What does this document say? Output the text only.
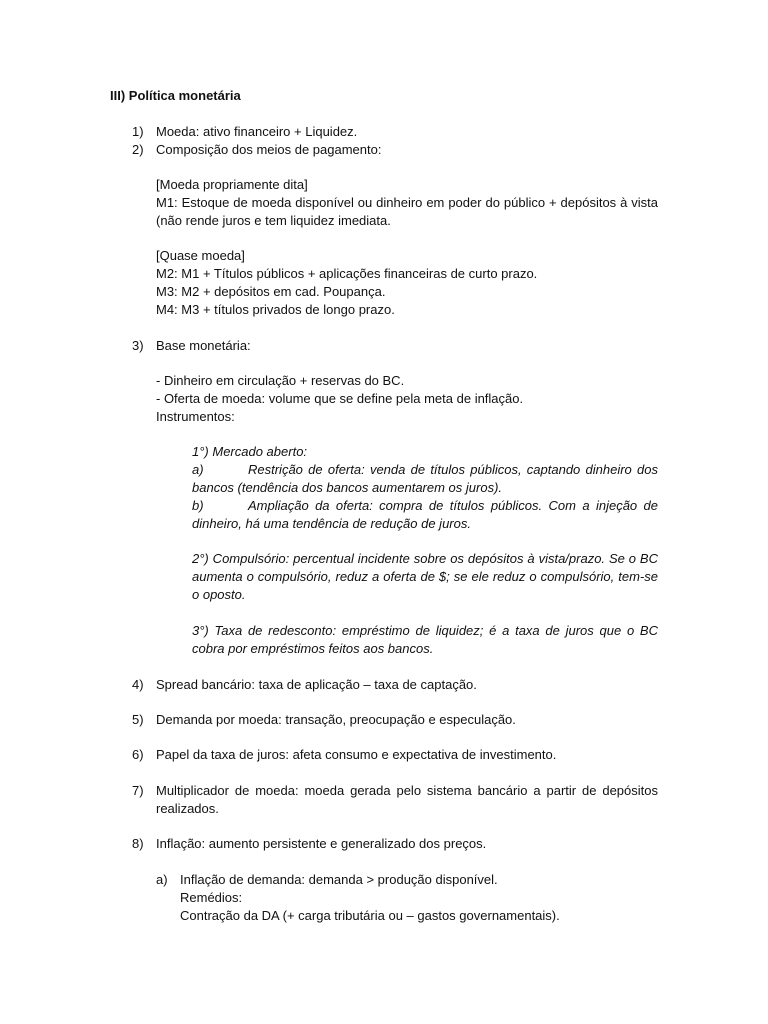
III) Política monetária
1) Moeda: ativo financeiro + Liquidez.
2) Composição dos meios de pagamento:
[Moeda propriamente dita]
M1: Estoque de moeda disponível ou dinheiro em poder do público + depósitos à vista (não rende juros e tem liquidez imediata.
[Quase moeda]
M2: M1 + Títulos públicos + aplicações financeiras de curto prazo.
M3: M2 + depósitos em cad. Poupança.
M4: M3 + títulos privados de longo prazo.
3) Base monetária:
- Dinheiro em circulação + reservas do BC.
- Oferta de moeda: volume que se define pela meta de inflação.
Instrumentos:
1°) Mercado aberto:
a)	Restrição de oferta: venda de títulos públicos, captando dinheiro dos bancos (tendência dos bancos aumentarem os juros).
b)	Ampliação da oferta: compra de títulos públicos. Com a injeção de dinheiro, há uma tendência de redução de juros.
2°) Compulsório: percentual incidente sobre os depósitos à vista/prazo. Se o BC aumenta o compulsório, reduz a oferta de $; se ele reduz o compulsório, tem-se o oposto.
3°) Taxa de redesconto: empréstimo de liquidez; é a taxa de juros que o BC cobra por empréstimos feitos aos bancos.
4) Spread bancário: taxa de aplicação – taxa de captação.
5) Demanda por moeda: transação, preocupação e especulação.
6) Papel da taxa de juros: afeta consumo e expectativa de investimento.
7) Multiplicador de moeda: moeda gerada pelo sistema bancário a partir de depósitos realizados.
8) Inflação: aumento persistente e generalizado dos preços.
a) Inflação de demanda: demanda > produção disponível.
Remédios:
Contração da DA (+ carga tributária ou – gastos governamentais).
